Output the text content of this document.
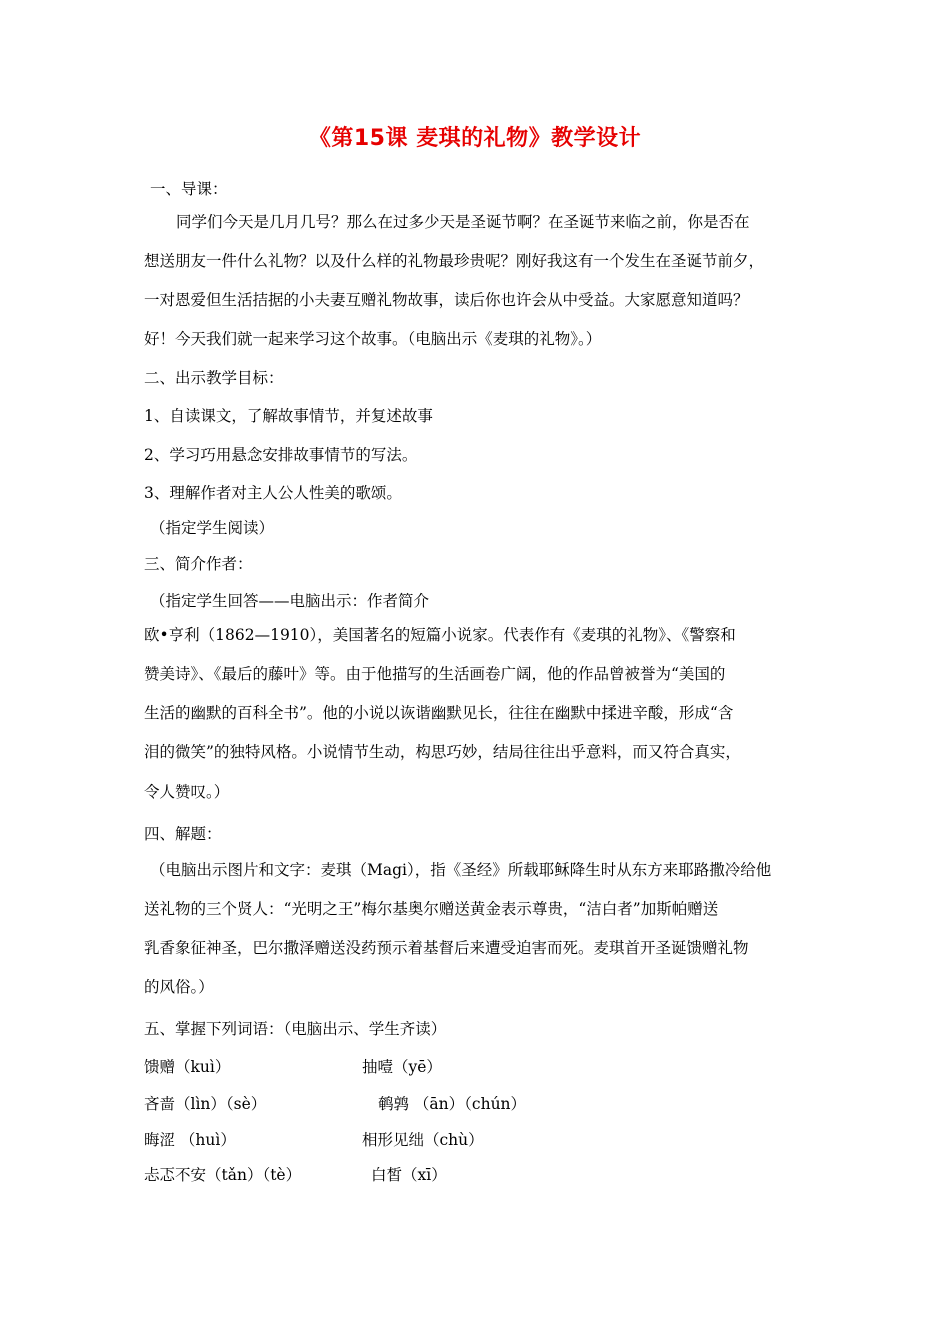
《第15课 麦琪的礼物》教学设计
一、导课：
同学们今天是几月几号？那么在过多少天是圣诞节啊？在圣诞节来临之前，你是否在
想送朋友一件什么礼物？以及什么样的礼物最珍贵呢？刚好我这有一个发生在圣诞节前夕，
一对恩爱但生活拮据的小夫妻互赠礼物故事，读后你也许会从中受益。大家愿意知道吗？
好！今天我们就一起来学习这个故事。（电脑出示《麦琪的礼物》。）
二、出示教学目标：
1、自读课文，了解故事情节，并复述故事
2、学习巧用悬念安排故事情节的写法。
3、理解作者对主人公人性美的歌颂。
（指定学生阅读）
三、简介作者：
（指定学生回答——电脑出示：作者简介
欧•亨利（1862—1910），美国著名的短篇小说家。代表作有《麦琪的礼物》、《警察和
赞美诗》、《最后的藤叶》等。由于他描写的生活画卷广阔，他的作品曾被誉为“美国的
生活的幽默的百科全书”。他的小说以诙谐幽默见长，往往在幽默中揉进辛酸，形成“含
泪的微笑”的独特风格。小说情节生动，构思巧妙，结局往往出乎意料，而又符合真实，
令人赞叹。）
四、解题：
（电脑出示图片和文字：麦琪（Magi），指《圣经》所载耶稣降生时从东方来耶路撒冷给他
送礼物的三个贤人：“光明之王”梅尔基奥尔赠送黄金表示尊贵，“洁白者”加斯帕赠送
乳香象征神圣，巴尔撒泽赠送没药预示着基督后来遭受迫害而死。麦琪首开圣诞馈赠礼物
的风俗。）
五、掌握下列词语：（电脑出示、学生齐读）
馈赠（kuì）	抽噎（yē）
吝啬（lìn）（sè）	鹌鹑 （ān）（chún）
晦涩 （huì）	相形见绌（chù）
忐忑不安（tǎn）（tè）	白皙（xī）
